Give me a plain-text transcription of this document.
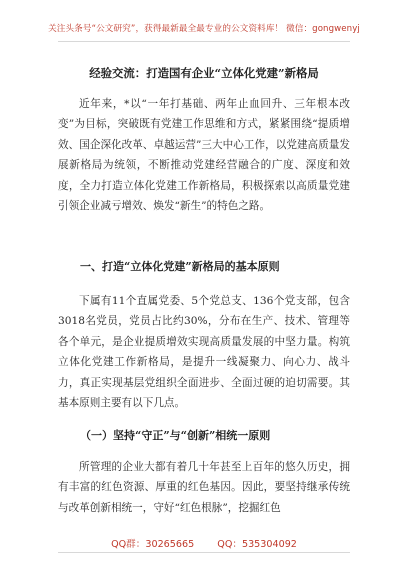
关注头条号“公文研究”，获得最新最全最专业的公文资料库！ 微信：gongwenyj
经验交流：打造国有企业“立体化党建”新格局
近年来，*以“一年打基础、两年止血回升、三年根本改变”为目标，突破既有党建工作思维和方式，紧紧围绕“提质增效、国企深化改革、卓越运营”三大中心工作，以党建高质量发展新格局为统领，不断推动党建经营融合的广度、深度和效度，全力打造立体化党建工作新格局，积极探索以高质量党建引领企业减亏增效、焕发“新生”的特色之路。
一、打造“立体化党建”新格局的基本原则
下属有11个直属党委、5个党总支、136个党支部，包含3018名党员，党员占比约30%，分布在生产、技术、管理等各个单元，是企业提质增效实现高质量发展的中坚力量。构筑立体化党建工作新格局，是提升一线凝聚力、向心力、战斗力，真正实现基层党组织全面进步、全面过硬的迫切需要。其基本原则主要有以下几点。
（一）坚持“守正”与“创新”相统一原则
所管理的企业大都有着几十年甚至上百年的悠久历史，拥有丰富的红色资源、厚重的红色基因。因此，要坚持继承传统与改革创新相统一，守好“红色根脉”，挖掘红色
QQ群：30265665 QQ：535304092
